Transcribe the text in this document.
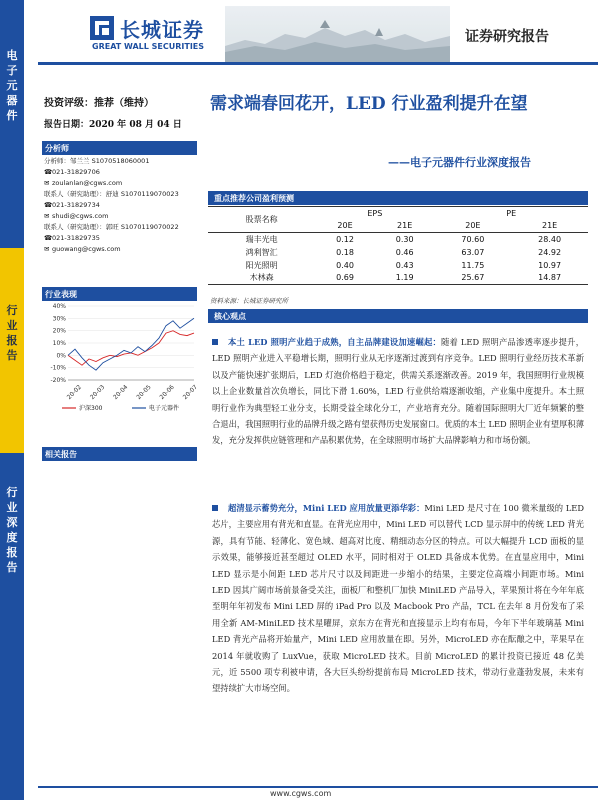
电
子
元
器
件
行
业
报
告
行
业
深
度
报
告
长城证券
GREAT WALL SECURITIES
证券研究报告
投资评级：推荐（维持）
报告日期：2020 年 08 月 04 日
分析师
分析师：邹兰兰 S1070518060001
☎021-31829706
✉ zoulanlan@cgws.com
联系人（研究助理）：舒迪 S1070119070023
☎021-31829734
✉ shudi@cgws.com
联系人（研究助理）：郭旺 S1070119070022
☎021-31829735
✉ guowang@cgws.com
行业表现
40%
30%
20%
10%
0%
-10%
-20%
20-02 20-03 20-04 20-05 20-06 20-07
沪深300	电子元器件
相关报告
需求端春回花开，LED 行业盈利提升在望
——电子元器件行业深度报告
重点推荐公司盈利预测
股票名称	EPS		PE	
	20E	21E	20E	21E
瑞丰光电	0.12	0.30	70.60	28.40
鸿利智汇	0.18	0.46	63.07	24.92
阳光照明	0.40	0.43	11.75	10.97
木林森	0.69	1.19	25.67	14.87
资料来源：长城证券研究所
核心观点
本土 LED 照明产业趋于成熟，自主品牌建设加速崛起：随着 LED 照明产品渗透率逐步提升，LED 照明产业进入平稳增长期，照明行业从无序逐渐过渡到有序竞争。LED 照明行业经历技术革新以及产能快速扩张期后，LED 灯泡价格趋于稳定，供需关系逐渐改善。2019 年，我国照明行业规模以上企业数量首次负增长，同比下滑 1.60%，LED 行业供给端逐渐收缩，产业集中度提升。本土照明行业作为典型轻工业分支，长期受益全球化分工，产业培育充分。随着国际照明大厂近年频繁的整合退出，我国照明行业的品牌升级之路有望获得历史发展窗口。优质的本土 LED 照明企业有望厚积薄发，充分发挥供应链管理和产品积累优势，在全球照明市场扩大品牌影响力和市场份额。
超清显示蓄势充分，Mini LED 应用放量更添华彩：Mini LED 是尺寸在 100 微米量级的 LED 芯片，主要应用有背光和直显。在背光应用中，Mini LED 可以替代 LCD 显示屏中的传统 LED 背光源，具有节能、轻薄化、宽色域、超高对比度、精细动态分区的特点。可以大幅提升 LCD 面板的显示效果，能够接近甚至超过 OLED 水平，同时相对于 OLED 具备成本优势。在直显应用中，Mini LED 显示是小间距 LED 芯片尺寸以及间距进一步缩小的结果，主要定位高端小间距市场。Mini LED 因其广阔市场前景备受关注，面板厂和整机厂加快 MiniLED 产品导入，苹果预计将在今年年底至明年年初发布 Mini LED 屏的 iPad Pro 以及 Macbook Pro 产品，TCL 在去年 8 月份发布了采用全新 AM-MiniLED 技术星曜屏，京东方在背光和直接显示上均有布局，今年下半年玻璃基 Mini LED 背光产品将开始量产，Mini LED 应用放量在即。另外，MicroLED 亦在酝酿之中，苹果早在 2014 年就收购了 LuxVue，获取 MicroLED 技术。目前 MicroLED 的累计投资已接近 48 亿美元，近 5500 项专利被申请，各大巨头纷纷提前布局 MicroLED 技术，带动行业蓬勃发展，未来有望持续扩大市场空间。
www.cgws.com
